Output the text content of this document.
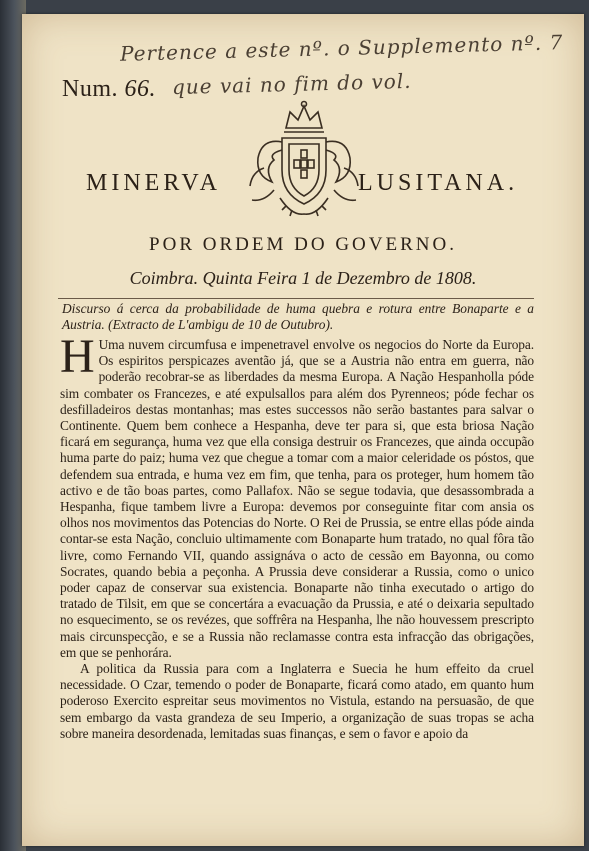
Pertence a este nº. o Supplemento nº. 7
que vai no fim do vol.
Num. 66.
MINERVA	LUSITANA.
POR ORDEM DO GOVERNO.
Coimbra. Quinta Feira 1 de Dezembro de 1808.
Discurso á cerca da probabilidade de huma quebra e rotura entre Bonaparte e a Austria. (Extracto de L'ambigu de 10 de Outubro).

H Uma nuvem circumfusa e impenetravel envolve os negocios do Norte da Europa. Os espiritos perspicazes aventão já, que se a Austria não entra em guerra, não poderão recobrar-se as liberdades da mesma Europa. A Nação Hespanholla póde sim combater os Francezes, e até expulsallos para além dos Pyrenneos; póde fechar os desfilladeiros destas montanhas; mas estes successos não serão bastantes para salvar o Continente. Quem bem conhece a Hespanha, deve ter para si, que esta briosa Nação ficará em segurança, huma vez que ella consiga destruir os Francezes, que ainda occupão huma parte do paiz; huma vez que chegue a tomar com a maior celeridade os póstos, que defendem sua entrada, e huma vez em fim, que tenha, para os proteger, hum homem tão activo e de tão boas partes, como Pallafox. Não se segue todavia, que desassombrada a Hespanha, fique tambem livre a Europa: devemos por conseguinte fitar com ansia os olhos nos movimentos das Potencias do Norte. O Rei de Prussia, se entre ellas póde ainda contar-se esta Nação, concluio ultimamente com Bonaparte hum tratado, no qual fôra tão livre, como Fernando VII, quando assignáva o acto de cessão em Bayonna, ou como Socrates, quando bebia a peçonha. A Prussia deve considerar a Russia, como o unico poder capaz de conservar sua existencia. Bonaparte não tinha executado o artigo do tratado de Tilsit, em que se concertára a evacuação da Prussia, e até o deixaria sepultado no esquecimento, se os revézes, que soffrêra na Hespanha, lhe não houvessem prescripto mais circunspecção, e se a Russia não reclamasse contra esta infracção das obrigações, em que se penhorára.

A politica da Russia para com a Inglaterra e Suecia he hum effeito da cruel necessidade. O Czar, temendo o poder de Bonaparte, ficará como atado, em quanto hum poderoso Exercito espreitar seus movimentos no Vistula, estando na persuasão, de que sem embargo da vasta grandeza de seu Imperio, a organização de suas tropas se acha sobre maneira desordenada, lemitadas suas finanças, e sem o favor e apoio da
